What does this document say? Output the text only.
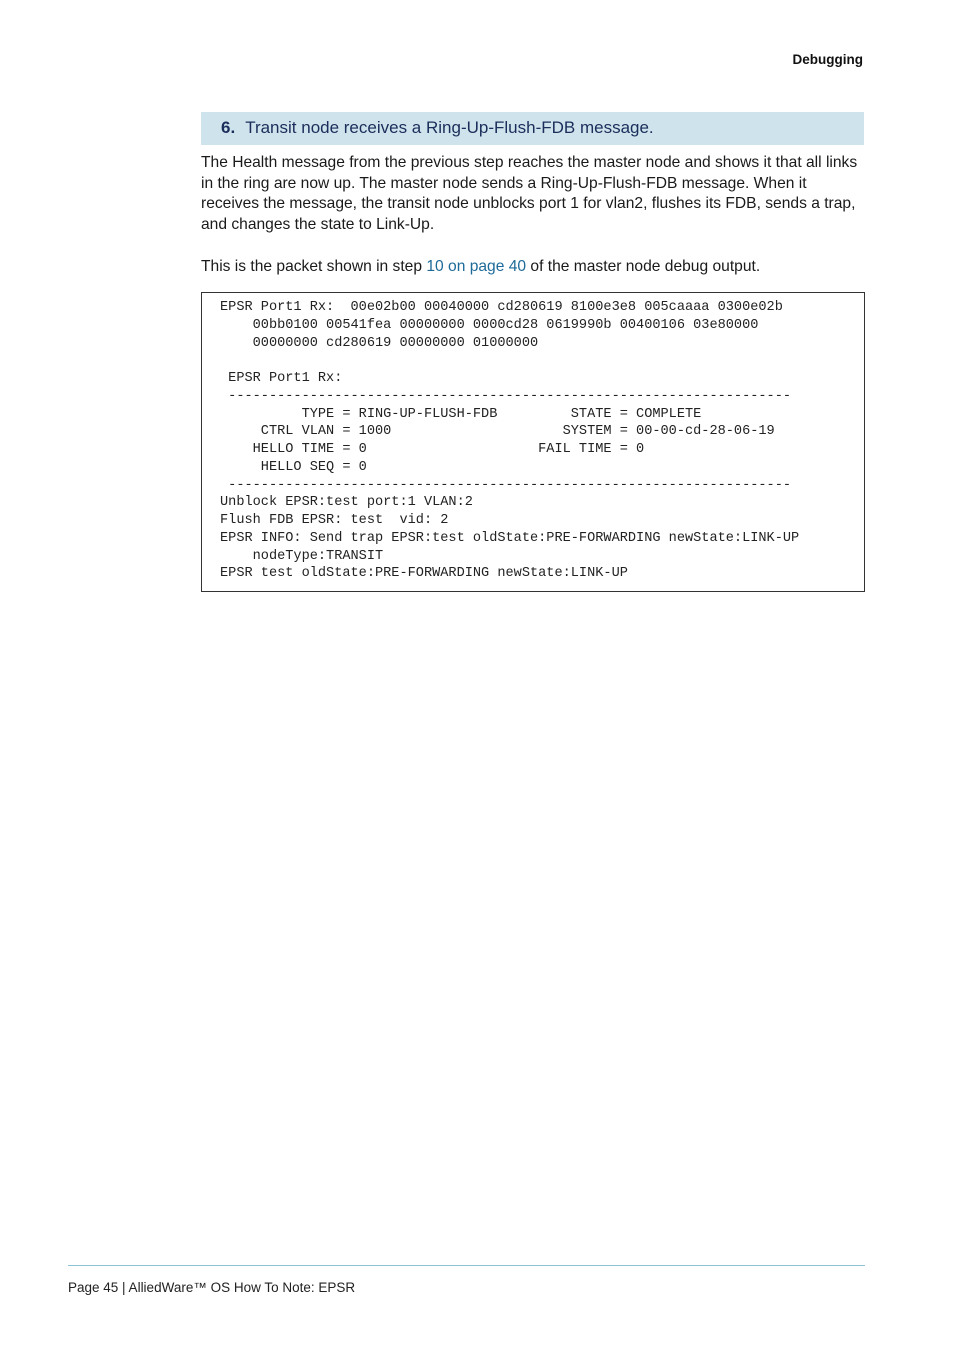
Debugging
6. Transit node receives a Ring-Up-Flush-FDB message.
The Health message from the previous step reaches the master node and shows it that all links in the ring are now up. The master node sends a Ring-Up-Flush-FDB message. When it receives the message, the transit node unblocks port 1 for vlan2, flushes its FDB, sends a trap, and changes the state to Link-Up.
This is the packet shown in step 10 on page 40 of the master node debug output.
EPSR Port1 Rx:  00e02b00 00040000 cd280619 8100e3e8 005caaaa 0300e02b
00bb0100 00541fea 00000000 0000cd28 0619990b 00400106 03e80000
00000000 cd280619 00000000 01000000
EPSR Port1 Rx:
---------------------------------------------------------------------
TYPE = RING-UP-FLUSH-FDB         STATE = COMPLETE
CTRL VLAN = 1000                     SYSTEM = 00-00-cd-28-06-19
HELLO TIME = 0                     FAIL TIME = 0
HELLO SEQ = 0
---------------------------------------------------------------------
Unblock EPSR:test port:1 VLAN:2
Flush FDB EPSR: test  vid: 2
EPSR INFO: Send trap EPSR:test oldState:PRE-FORWARDING newState:LINK-UP
nodeType:TRANSIT
EPSR test oldState:PRE-FORWARDING newState:LINK-UP
Page 45 | AlliedWare™ OS How To Note: EPSR
